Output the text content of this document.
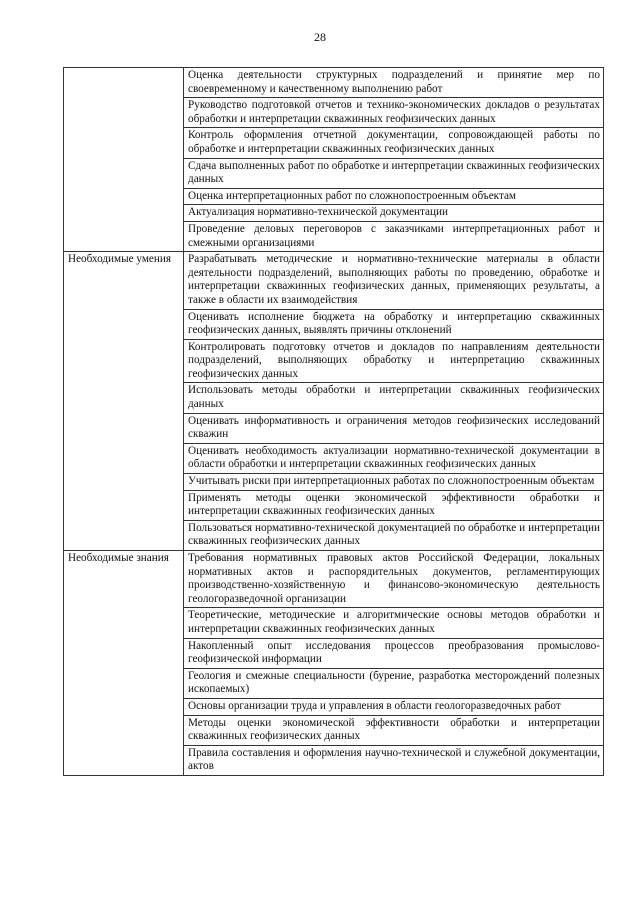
28
	Оценка деятельности структурных подразделений и принятие мер по своевременному и качественному выполнению работ
	Руководство подготовкой отчетов и технико-экономических докладов о результатах обработки и интерпретации скважинных геофизических данных
	Контроль оформления отчетной документации, сопровождающей работы по обработке и интерпретации скважинных геофизических данных
	Сдача выполненных работ по обработке и интерпретации скважинных геофизических данных
	Оценка интерпретационных работ по сложнопостроенным объектам
	Актуализация нормативно-технической документации
	Проведение деловых переговоров с заказчиками интерпретационных работ и смежными организациями
Необходимые умения	Разрабатывать методические и нормативно-технические материалы в области деятельности подразделений, выполняющих работы по проведению, обработке и интерпретации скважинных геофизических данных, применяющих результаты, а также в области их взаимодействия
	Оценивать исполнение бюджета на обработку и интерпретацию скважинных геофизических данных, выявлять причины отклонений
	Контролировать подготовку отчетов и докладов по направлениям деятельности подразделений, выполняющих обработку и интерпретацию скважинных геофизических данных
	Использовать методы обработки и интерпретации скважинных геофизических данных
	Оценивать информативность и ограничения методов геофизических исследований скважин
	Оценивать необходимость актуализации нормативно-технической документации в области обработки и интерпретации скважинных геофизических данных
	Учитывать риски при интерпретационных работах по сложнопостроенным объектам
	Применять методы оценки экономической эффективности обработки и интерпретации скважинных геофизических данных
	Пользоваться нормативно-технической документацией по обработке и интерпретации скважинных геофизических данных
Необходимые знания	Требования нормативных правовых актов Российской Федерации, локальных нормативных актов и распорядительных документов, регламентирующих производственно-хозяйственную и финансово-экономическую деятельность геологоразведочной организации
	Теоретические, методические и алгоритмические основы методов обработки и интерпретации скважинных геофизических данных
	Накопленный опыт исследования процессов преобразования промыслово-геофизической информации
	Геология и смежные специальности (бурение, разработка месторождений полезных ископаемых)
	Основы организации труда и управления в области геологоразведочных работ
	Методы оценки экономической эффективности обработки и интерпретации скважинных геофизических данных
	Правила составления и оформления научно-технической и служебной документации, актов
